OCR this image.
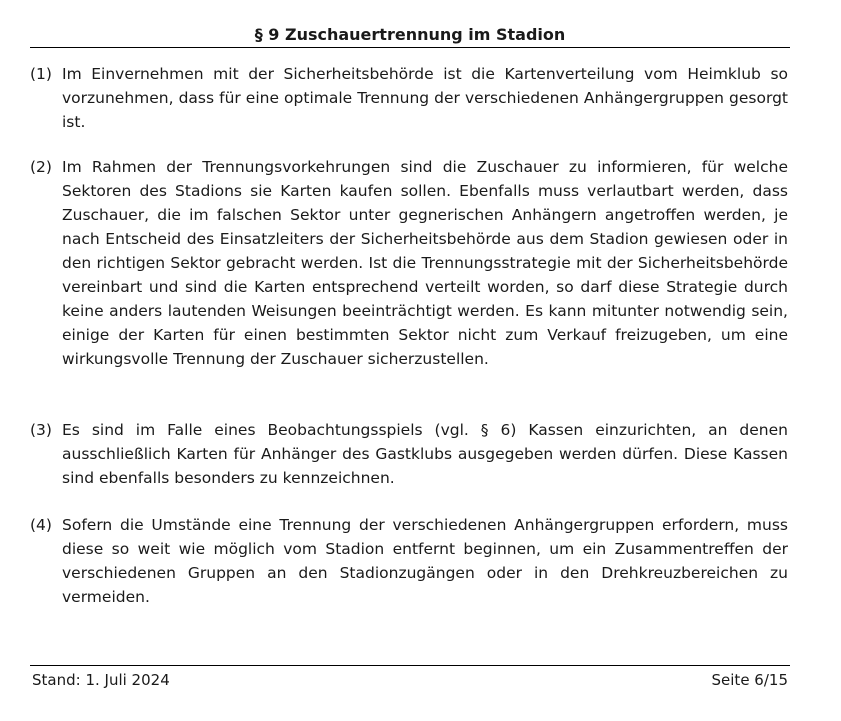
§ 9 Zuschauertrennung im Stadion
(1) Im Einvernehmen mit der Sicherheitsbehörde ist die Kartenverteilung vom Heimklub so vorzunehmen, dass für eine optimale Trennung der verschiedenen Anhängergruppen gesorgt ist.
(2) Im Rahmen der Trennungsvorkehrungen sind die Zuschauer zu informieren, für welche Sektoren des Stadions sie Karten kaufen sollen. Ebenfalls muss verlautbart werden, dass Zuschauer, die im falschen Sektor unter gegnerischen Anhängern angetroffen werden, je nach Entscheid des Einsatzleiters der Sicherheitsbehörde aus dem Stadion gewiesen oder in den richtigen Sektor gebracht werden. Ist die Trennungsstrategie mit der Sicherheitsbehörde vereinbart und sind die Karten entsprechend verteilt worden, so darf diese Strategie durch keine anders lautenden Weisungen beeinträchtigt werden. Es kann mitunter notwendig sein, einige der Karten für einen bestimmten Sektor nicht zum Verkauf freizugeben, um eine wirkungsvolle Trennung der Zuschauer sicherzustellen.
(3) Es sind im Falle eines Beobachtungsspiels (vgl. § 6) Kassen einzurichten, an denen ausschließlich Karten für Anhänger des Gastklubs ausgegeben werden dürfen. Diese Kassen sind ebenfalls besonders zu kennzeichnen.
(4) Sofern die Umstände eine Trennung der verschiedenen Anhängergruppen erfordern, muss diese so weit wie möglich vom Stadion entfernt beginnen, um ein Zusammentreffen der verschiedenen Gruppen an den Stadionzugängen oder in den Drehkreuzbereichen zu vermeiden.
Stand: 1. Juli 2024	Seite 6/15
